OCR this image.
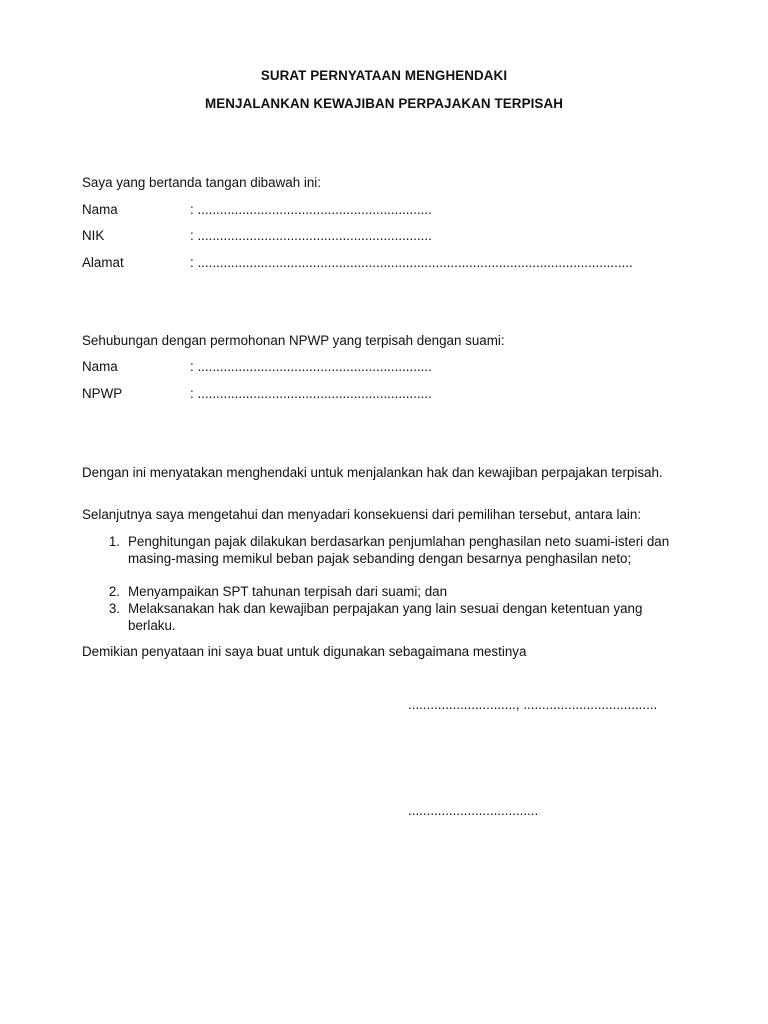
SURAT PERNYATAAN MENGHENDAKI
MENJALANKAN KEWAJIBAN PERPAJAKAN TERPISAH
Saya yang bertanda tangan dibawah ini:
Nama	: ...............................................................
NIK	: ...............................................................
Alamat	: .....................................................................................................................
Sehubungan dengan permohonan NPWP yang terpisah dengan suami:
Nama	: ...............................................................
NPWP	: ...............................................................
Dengan ini menyatakan menghendaki untuk menjalankan hak dan kewajiban perpajakan terpisah.
Selanjutnya saya mengetahui dan menyadari konsekuensi dari pemilihan tersebut, antara lain:
1. Penghitungan pajak dilakukan berdasarkan penjumlahan penghasilan neto suami-isteri dan masing-masing memikul beban pajak sebanding dengan besarnya penghasilan neto;
2. Menyampaikan SPT tahunan terpisah dari suami; dan
3. Melaksanakan hak dan kewajiban perpajakan yang lain sesuai dengan ketentuan yang berlaku.
Demikian penyataan ini saya buat untuk digunakan sebagaimana mestinya
............................., ....................................
...................................
